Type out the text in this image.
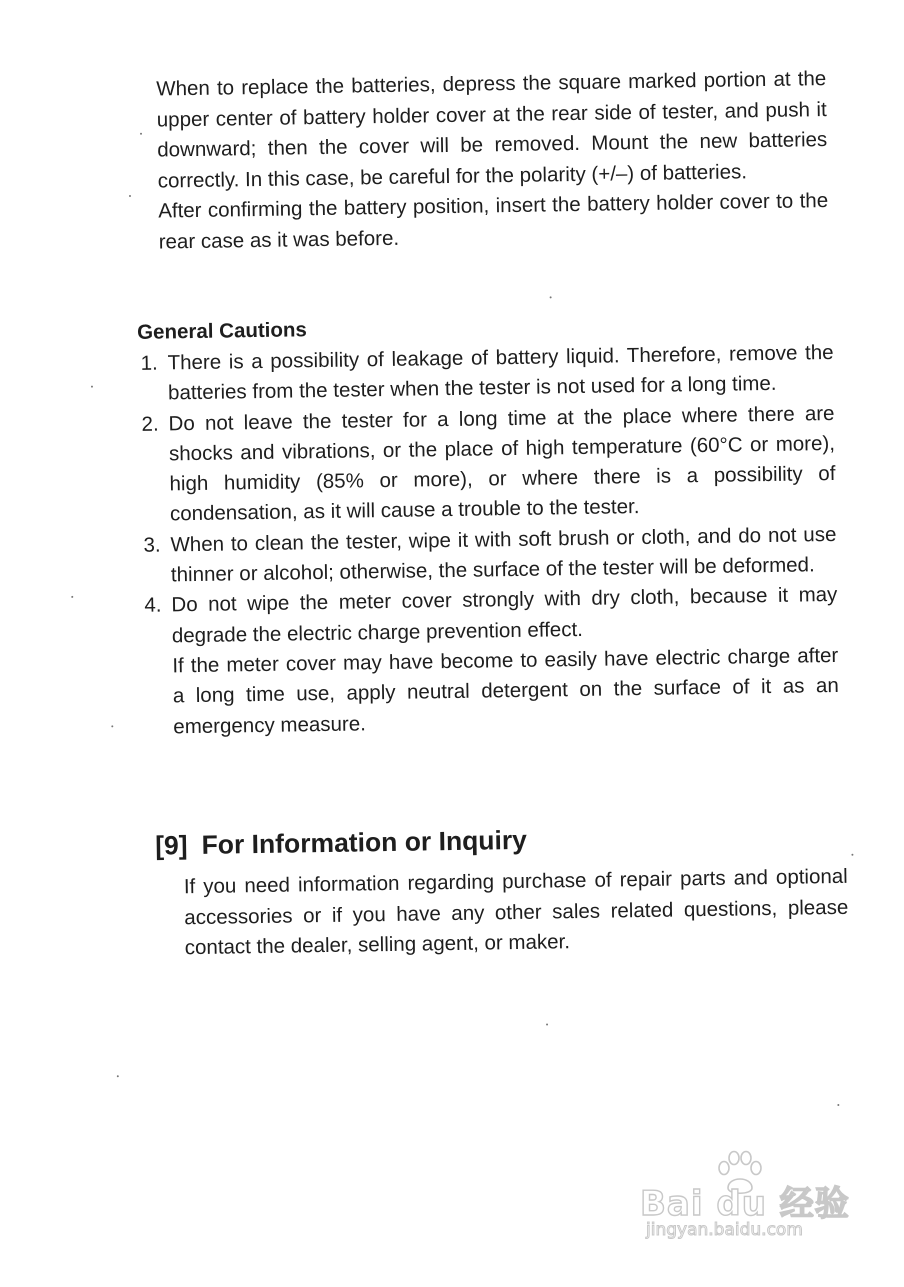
When to replace the batteries, depress the square marked portion at the upper center of battery holder cover at the rear side of tester, and push it downward; then the cover will be removed. Mount the new batteries correctly. In this case, be careful for the polarity (+/–) of batteries.

After confirming the battery position, insert the battery holder cover to the rear case as it was before.

General Cautions
1. There is a possibility of leakage of battery liquid. Therefore, remove the batteries from the tester when the tester is not used for a long time.
2. Do not leave the tester for a long time at the place where there are shocks and vibrations, or the place of high temperature (60°C or more), high humidity (85% or more), or where there is a possibility of condensation, as it will cause a trouble to the tester.
3. When to clean the tester, wipe it with soft brush or cloth, and do not use thinner or alcohol; otherwise, the surface of the tester will be deformed.
4. Do not wipe the meter cover strongly with dry cloth, because it may degrade the electric charge prevention effect.
If the meter cover may have become to easily have electric charge after a long time use, apply neutral detergent on the surface of it as an emergency measure.
[9] For Information or Inquiry

If you need information regarding purchase of repair parts and optional accessories or if you have any other sales related questions, please contact the dealer, selling agent, or maker.

Bai du 经验
jingyan.baidu.com
